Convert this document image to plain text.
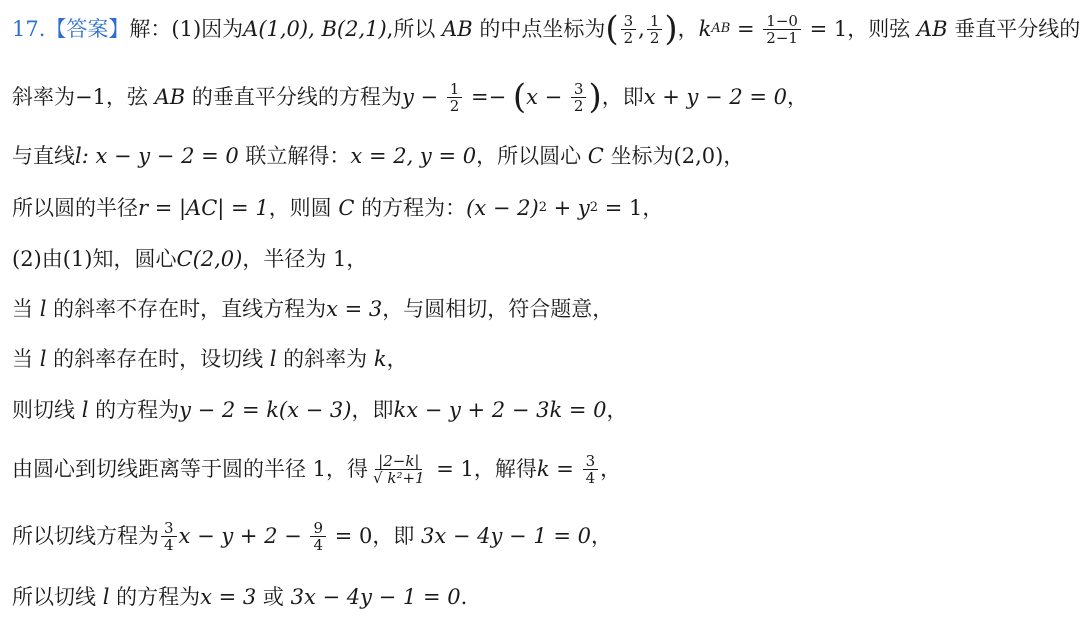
17. 【答案】 解：(1)因为 A(1,0), B(2,1) ,所以 AB 的中点坐标为 ( $\frac{3}{2}$ , $\frac{1}{2}$ ) ， k AB = $\frac{1-0}{2-1} = 1$，则弦 AB 垂直平分线的
斜率为−1，弦 AB 的垂直平分线的方程为 $y - \frac{1}{2}$ =− ( $x - \frac{3}{2}$ ) ，即 x + y − 2 = 0 ，
与直线 l: x − y − 2 = 0 联立解得： x = 2, y = 0 ，所以圆心 C 坐标为(2,0)，
所以圆的半径 r = |AC| = 1 ，则圆 C 的方程为： (x − 2) 2 + y 2 = 1，
(2)由(1)知，圆心 C(2,0) ，半径为 1，
当 l 的斜率不存在时，直线方程为 x = 3 ，与圆相切，符合题意，
当 l 的斜率存在时，设切线 l 的斜率为 k ，
则切线 l 的方程为 y − 2 = k(x − 3) ，即 kx − y + 2 − 3k = 0 ，
由圆心到切线距离等于圆的半径 1，得 $\frac{|2-k|}{\text{√ k²+1}} = 1$，解得 $k = \frac{3}{4}$ ，
所以切线方程为 $\frac{3}{4}$ $x - y + 2 - \frac{9}{4} = 0$，即 3x − 4y − 1 = 0 ，
所以切线 l 的方程为 x = 3 或 3x − 4y − 1 = 0 .
